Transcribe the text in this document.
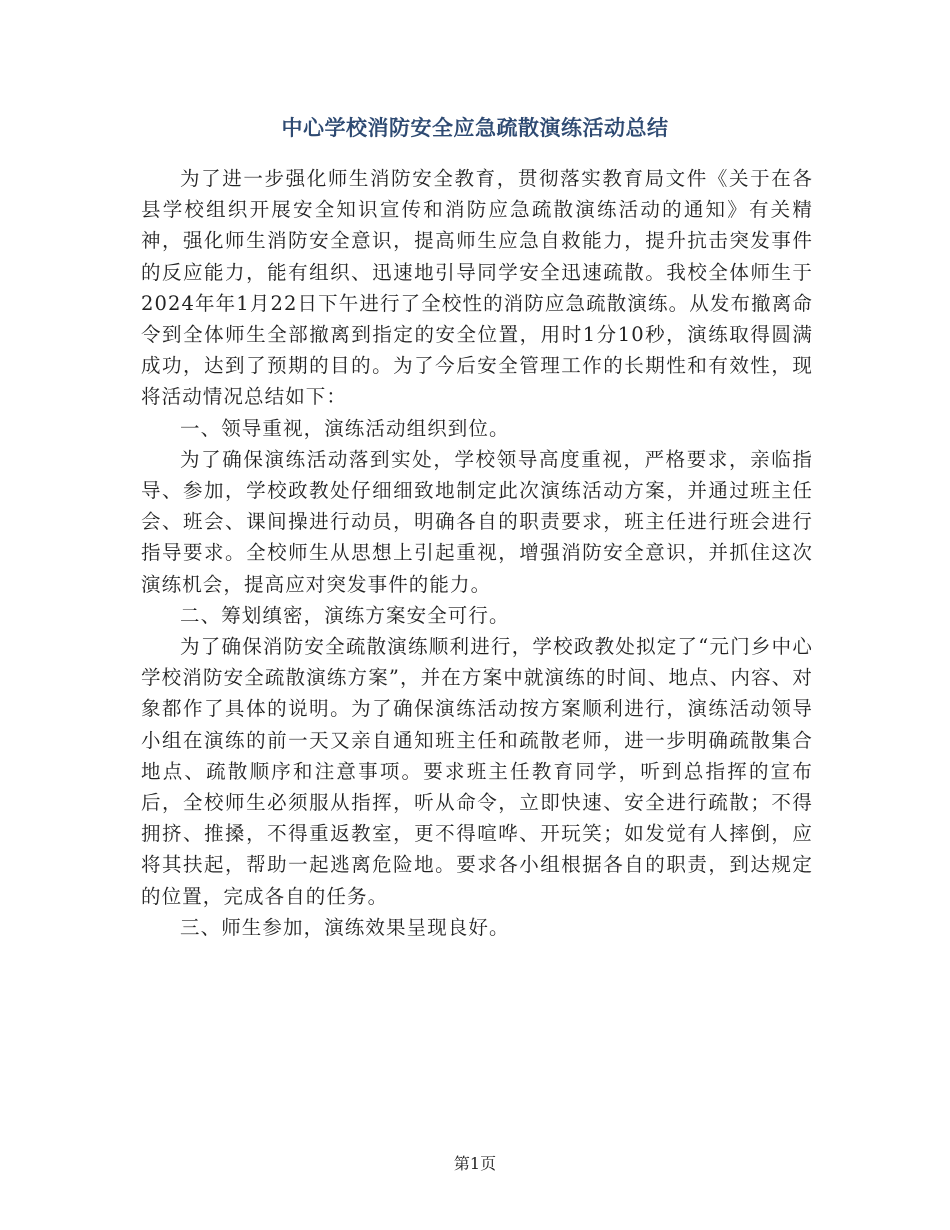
中心学校消防安全应急疏散演练活动总结

为了进一步强化师生消防安全教育，贯彻落实教育局文件《关于在各县学校组织开展安全知识宣传和消防应急疏散演练活动的通知》有关精神，强化师生消防安全意识，提高师生应急自救能力，提升抗击突发事件的反应能力，能有组织、迅速地引导同学安全迅速疏散。我校全体师生于2024年年1月22日下午进行了全校性的消防应急疏散演练。从发布撤离命令到全体师生全部撤离到指定的安全位置，用时1分10秒，演练取得圆满成功，达到了预期的目的。为了今后安全管理工作的长期性和有效性，现将活动情况总结如下：

一、领导重视，演练活动组织到位。

为了确保演练活动落到实处，学校领导高度重视，严格要求，亲临指导、参加，学校政教处仔细细致地制定此次演练活动方案，并通过班主任会、班会、课间操进行动员，明确各自的职责要求，班主任进行班会进行指导要求。全校师生从思想上引起重视，增强消防安全意识，并抓住这次演练机会，提高应对突发事件的能力。

二、筹划缜密，演练方案安全可行。

为了确保消防安全疏散演练顺利进行，学校政教处拟定了“元门乡中心学校消防安全疏散演练方案”，并在方案中就演练的时间、地点、内容、对象都作了具体的说明。为了确保演练活动按方案顺利进行，演练活动领导小组在演练的前一天又亲自通知班主任和疏散老师，进一步明确疏散集合地点、疏散顺序和注意事项。要求班主任教育同学，听到总指挥的宣布后，全校师生必须服从指挥，听从命令，立即快速、安全进行疏散；不得拥挤、推搡，不得重返教室，更不得喧哗、开玩笑；如发觉有人摔倒，应将其扶起，帮助一起逃离危险地。要求各小组根据各自的职责，到达规定的位置，完成各自的任务。

三、师生参加，演练效果呈现良好。

第1页
